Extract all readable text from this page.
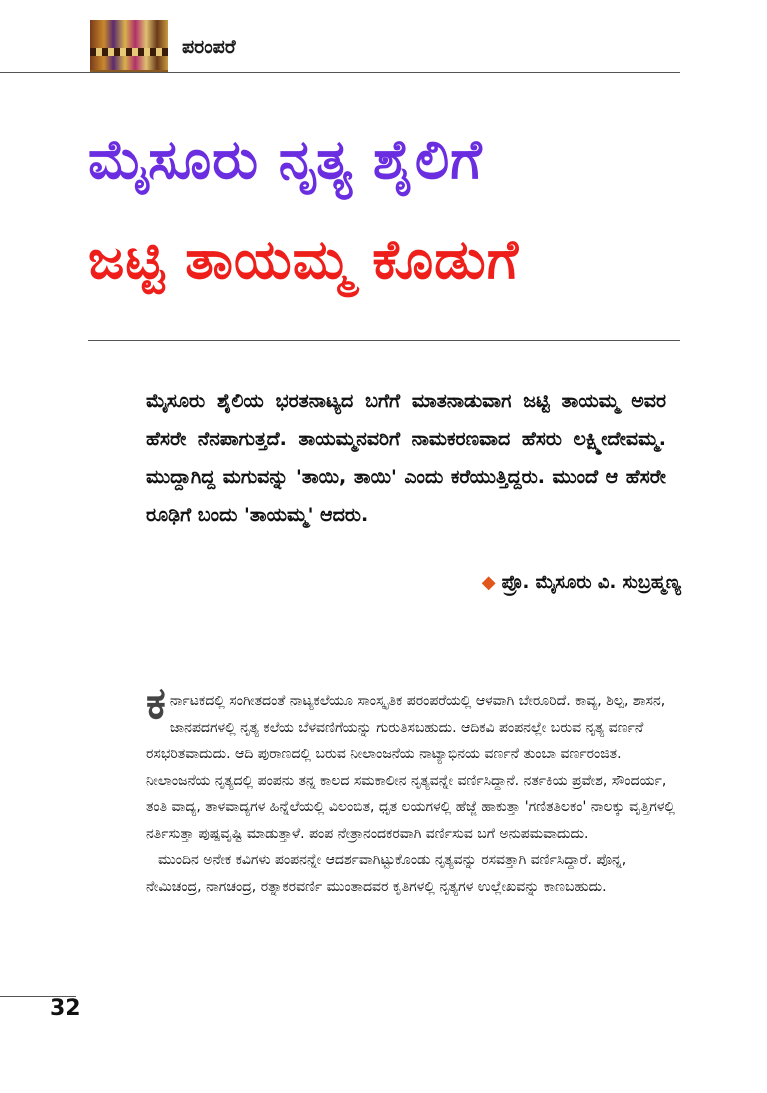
ಪರಂಪರೆ
ಮೈಸೂರು ನೃತ್ಯ ಶೈಲಿಗೆ
ಜಟ್ಟಿ ತಾಯಮ್ಮ ಕೊಡುಗೆ
ಮೈಸೂರು ಶೈಲಿಯ ಭರತನಾಟ್ಯದ ಬಗೆಗೆ ಮಾತನಾಡುವಾಗ ಜಟ್ಟಿ ತಾಯಮ್ಮ ಅವರ ಹೆಸರೇ ನೆನಪಾಗುತ್ತದೆ. ತಾಯಮ್ಮನವರಿಗೆ ನಾಮಕರಣವಾದ ಹೆಸರು ಲಕ್ಷ್ಮೀದೇವಮ್ಮ. ಮುದ್ದಾಗಿದ್ದ ಮಗುವನ್ನು 'ತಾಯಿ, ತಾಯಿ' ಎಂದು ಕರೆಯುತ್ತಿದ್ದರು. ಮುಂದೆ ಆ ಹೆಸರೇ ರೂಢಿಗೆ ಬಂದು 'ತಾಯಮ್ಮ' ಆದರು.
◆ ಪ್ರೊ. ಮೈಸೂರು ವಿ. ಸುಬ್ರಹ್ಮಣ್ಯ

ಕರ್ನಾಟಕದಲ್ಲಿ ಸಂಗೀತದಂತೆ ನಾಟ್ಯಕಲೆಯೂ ಸಾಂಸ್ಕೃತಿಕ ಪರಂಪರೆಯಲ್ಲಿ ಆಳವಾಗಿ ಬೇರೂರಿದೆ. ಕಾವ್ಯ, ಶಿಲ್ಪ, ಶಾಸನ, ಜಾನಪದಗಳಲ್ಲಿ ನೃತ್ಯ ಕಲೆಯ ಬೆಳವಣಿಗೆಯನ್ನು ಗುರುತಿಸಬಹುದು. ಆದಿಕವಿ ಪಂಪನಲ್ಲೇ ಬರುವ ನೃತ್ಯ ವರ್ಣನೆ ರಸಭರಿತವಾದುದು. ಆದಿ ಪುರಾಣದಲ್ಲಿ ಬರುವ ನೀಲಾಂಜನೆಯ ನಾಟ್ಯಾಭಿನಯ ವರ್ಣನೆ ತುಂಬಾ ವರ್ಣರಂಜಿತ. ನೀಲಾಂಜನೆಯ ನೃತ್ಯದಲ್ಲಿ ಪಂಪನು ತನ್ನ ಕಾಲದ ಸಮಕಾಲೀನ ನೃತ್ಯವನ್ನೇ ವರ್ಣಿಸಿದ್ದಾನೆ. ನರ್ತಕಿಯ ಪ್ರವೇಶ, ಸೌಂದರ್ಯ, ತಂತಿ ವಾದ್ಯ, ತಾಳವಾದ್ಯಗಳ ಹಿನ್ನೆಲೆಯಲ್ಲಿ ವಿಲಂಬಿತ, ಧೃತ ಲಯಗಳಲ್ಲಿ ಹೆಜ್ಜೆ ಹಾಕುತ್ತಾ 'ಗಣಿತತಿಲಕಂ' ನಾಲಕ್ಕು ವೃತ್ತಿಗಳಲ್ಲಿ ನರ್ತಿಸುತ್ತಾ ಪುಷ್ಪವೃಷ್ಟಿ ಮಾಡುತ್ತಾಳೆ. ಪಂಪ ನೇತ್ರಾನಂದಕರವಾಗಿ ವರ್ಣಿಸುವ ಬಗೆ ಅನುಪಮವಾದುದು.

ಮುಂದಿನ ಅನೇಕ ಕವಿಗಳು ಪಂಪನನ್ನೇ ಆದರ್ಶವಾಗಿಟ್ಟುಕೊಂಡು ನೃತ್ಯವನ್ನು ರಸವತ್ತಾಗಿ ವರ್ಣಿಸಿದ್ದಾರೆ. ಪೊನ್ನ, ನೇಮಿಚಂದ್ರ, ನಾಗಚಂದ್ರ, ರತ್ನಾಕರವರ್ಣಿ ಮುಂತಾದವರ ಕೃತಿಗಳಲ್ಲಿ ನೃತ್ಯಗಳ ಉಲ್ಲೇಖವನ್ನು ಕಾಣಬಹುದು.

32
